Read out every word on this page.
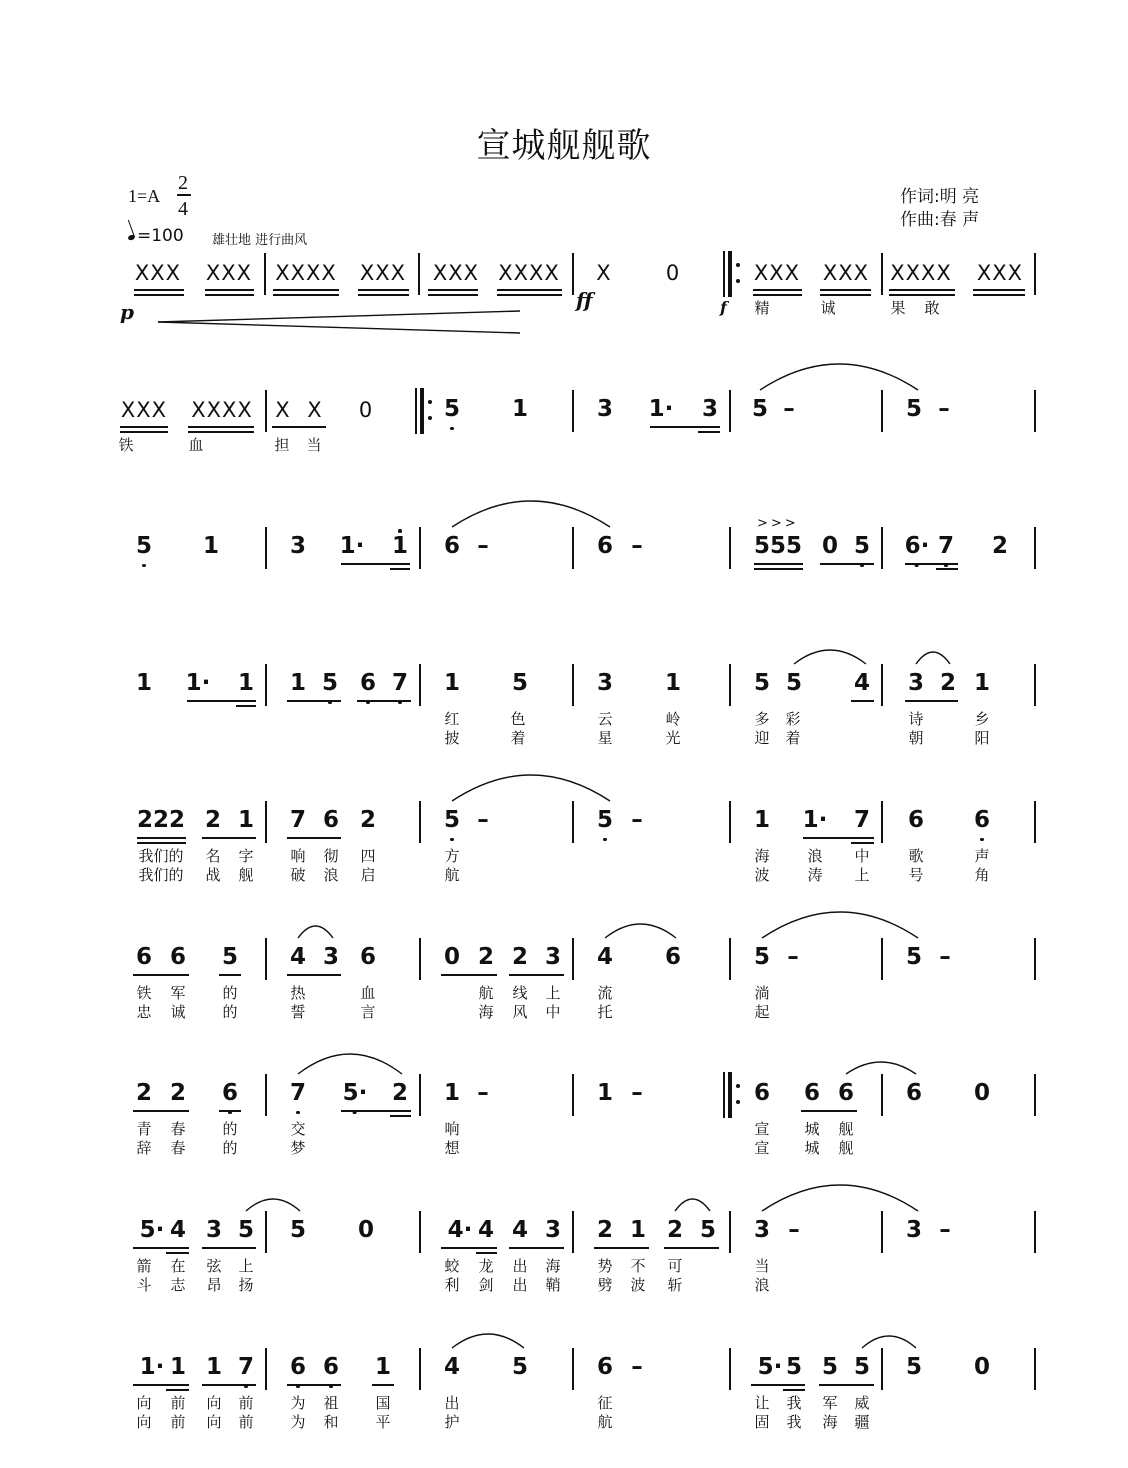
宣城舰舰歌
1=A
2
4
=100 雄壮地 进行曲风
作词:明 亮
作曲:春 声
p	ff	f
XXX XXX XXXX XXX XXX XXXX X	0	XXX XXX XXXX XXX
精	诚	果 敢
XXX XXXX X X 0	5 1	3 1· 3 5 –	5 –
铁	血	担 当
5 1	3 1· 1 6 –	6 –	555
>>>
0 5 6· 7 2
1 1· 1 1 5 6 7 1 5	3 1	5 5 4 3 2 1
红	色	云	岭	多 彩	诗	乡
披	着	星	光	迎 着	朝	阳
222 2 1 7 6 2	5 –	5 –	1 1· 7 6 6
我们的 名 字 响 彻 四	方	海	浪 中	歌	声
我们的 战 舰 破 浪 启	航	波	涛 上	号	角
6 6 5 4 3 6	0 2 2 3 4 6	5 –	5 –
铁 军 的	热	血	航 线 上 流	淌
忠 诚 的	誓	言	海 风 中 托	起
2 2 6 7 5· 2 1 –	1 –	6 6 6 6 0
青 春 的	交	响	宣 城 舰
辞 春 的	梦	想	宣 城 舰
5· 4 3 5 5 0	4· 4 4 3 2 1 2 5 3 –	3 –
箭 在 弦 上	蛟 龙 出 海 势 不 可	当
斗 志 昂 扬	利 剑 出 鞘 劈 波 斩	浪
1· 1 1 7 6 6 1 4 5	6 –	5· 5 5 5 5 0
向 前 向 前 为 祖 国	出	征	让 我 军 威
向 前 向 前 为 和 平	护	航	固 我 海 疆
